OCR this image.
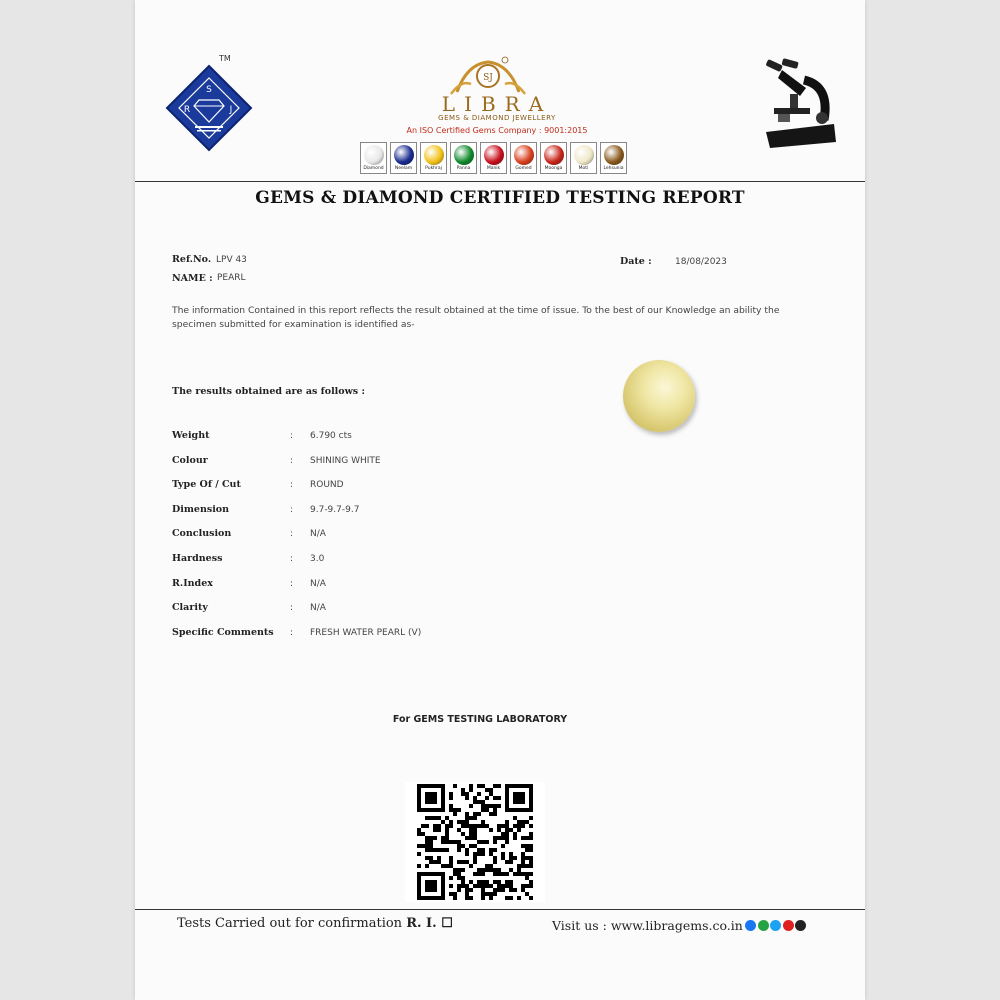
TM
S
R	J
SJ
LIBRA
GEMS & DIAMOND JEWELLERY
An ISO Certified Gems Company : 9001:2015
Diamond Neelam	Pukhraj	Panna	Manik	Gomed	Moonga	Moti	Lehsunia
GEMS & DIAMOND CERTIFIED TESTING REPORT
Ref.No. LPV 43
NAME : PEARL
Date :	18/08/2023
The information Contained in this report reflects the result obtained at the time of issue. To the best of our Knowledge an ability the specimen submitted for examination is identified as-
The results obtained are as follows :
Weight	: 6.790 cts
Colour	: SHINING WHITE
Type Of / Cut	: ROUND
Dimension	: 9.7-9.7-9.7
Conclusion	: N/A
Hardness	: 3.0
R.Index	: N/A
Clarity	: N/A
Specific Comments : FRESH WATER PEARL (V)
For GEMS TESTING LABORATORY
Tests Carried out for confirmation R. I. ☐	Visit us : www.libragems.co.in
